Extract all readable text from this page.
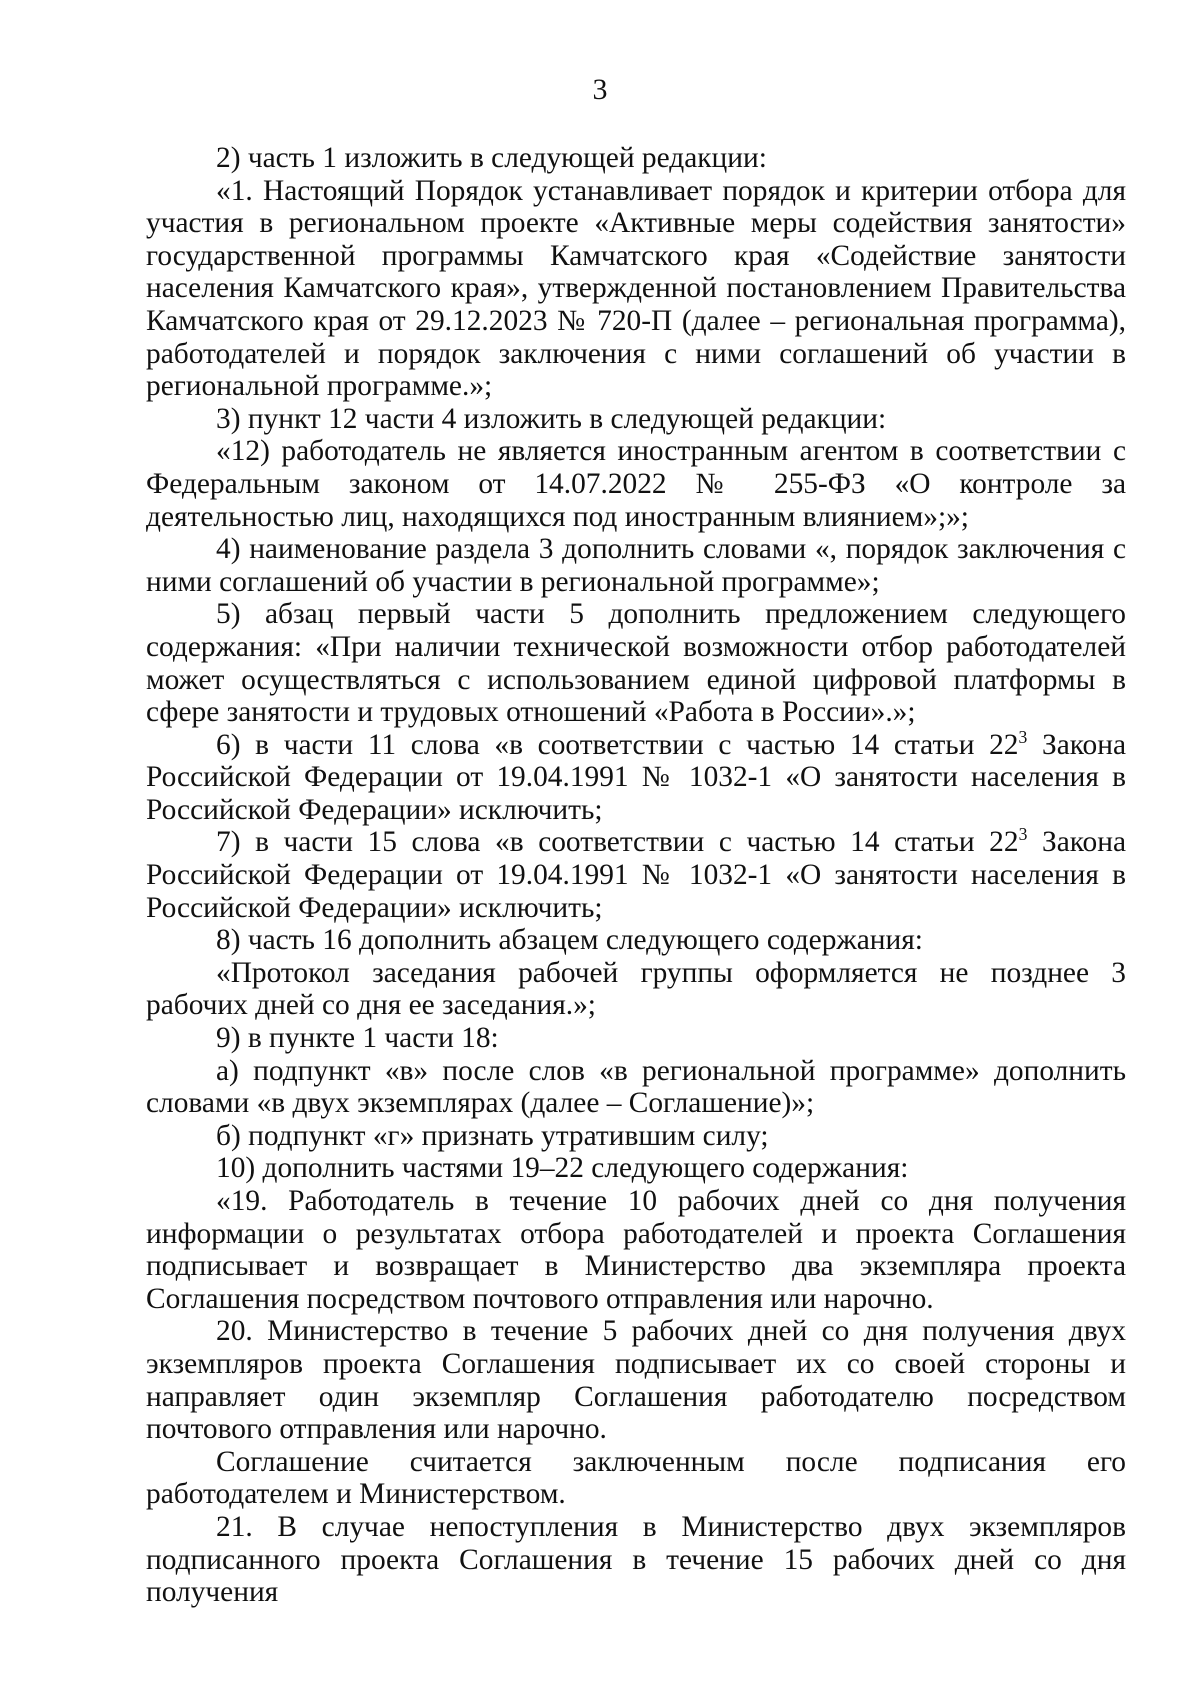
3

2) часть 1 изложить в следующей редакции:

«1. Настоящий Порядок устанавливает порядок и критерии отбора для участия в региональном проекте «Активные меры содействия занятости» государственной программы Камчатского края «Содействие занятости населения Камчатского края», утвержденной постановлением Правительства Камчатского края от 29.12.2023 № 720-П (далее – региональная программа), работодателей и порядок заключения с ними соглашений об участии в региональной программе.»;

3) пункт 12 части 4 изложить в следующей редакции:

«12) работодатель не является иностранным агентом в соответствии с Федеральным законом от 14.07.2022 № 255-ФЗ «О контроле за деятельностью лиц, находящихся под иностранным влиянием»;»;

4) наименование раздела 3 дополнить словами «, порядок заключения с ними соглашений об участии в региональной программе»;

5) абзац первый части 5 дополнить предложением следующего содержания: «При наличии технической возможности отбор работодателей может осуществляться с использованием единой цифровой платформы в сфере занятости и трудовых отношений «Работа в России».»;

6) в части 11 слова «в соответствии с частью 14 статьи $22^3$ Закона Российской Федерации от 19.04.1991 № 1032-1 «О занятости населения в Российской Федерации» исключить;

7) в части 15 слова «в соответствии с частью 14 статьи $22^3$ Закона Российской Федерации от 19.04.1991 № 1032-1 «О занятости населения в Российской Федерации» исключить;

8) часть 16 дополнить абзацем следующего содержания:

«Протокол заседания рабочей группы оформляется не позднее 3 рабочих дней со дня ее заседания.»;

9) в пункте 1 части 18:

а) подпункт «в» после слов «в региональной программе» дополнить словами «в двух экземплярах (далее – Соглашение)»;

б) подпункт «г» признать утратившим силу;

10) дополнить частями 19–22 следующего содержания:

«19. Работодатель в течение 10 рабочих дней со дня получения информации о результатах отбора работодателей и проекта Соглашения подписывает и возвращает в Министерство два экземпляра проекта Соглашения посредством почтового отправления или нарочно.

20. Министерство в течение 5 рабочих дней со дня получения двух экземпляров проекта Соглашения подписывает их со своей стороны и направляет один экземпляр Соглашения работодателю посредством почтового отправления или нарочно.

Соглашение считается заключенным после подписания его работодателем и Министерством.

21. В случае непоступления в Министерство двух экземпляров подписанного проекта Соглашения в течение 15 рабочих дней со дня получения
